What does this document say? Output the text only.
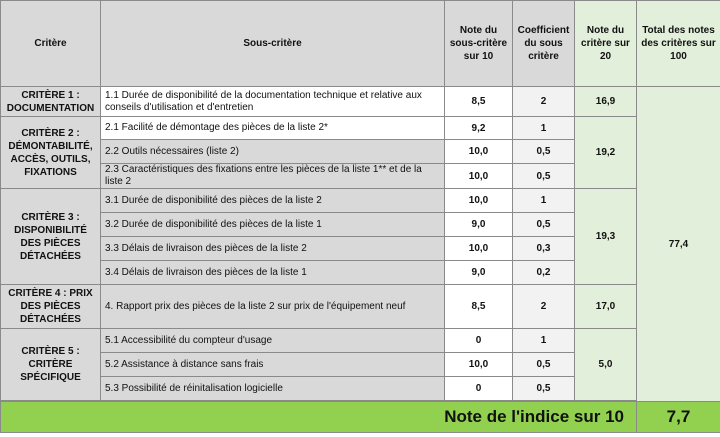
Critère	Sous-critère	Note du sous-critère sur 10	Coefficient du sous critère	Note du critère sur 20	Total des notes des critères sur 100
CRITÈRE 1 : DOCUMENTATION	1.1 Durée de disponibilité de la documentation technique et relative aux conseils d'utilisation et d'entretien	8,5	2	16,9	77,4
CRITÈRE 2 : DÉMONTABILITÉ, ACCÈS, OUTILS, FIXATIONS	2.1 Facilité de démontage des pièces de la liste 2*	9,2	1	19,2	
	2.2 Outils nécessaires (liste 2)	10,0	0,5		
	2.3 Caractéristiques des fixations entre les pièces de la liste 1** et de la liste 2	10,0	0,5		
CRITÈRE 3 : DISPONIBILITÉ DES PIÈCES DÉTACHÉES	3.1 Durée de disponibilité des pièces de la liste 2	10,0	1	19,3	
	3.2 Durée de disponibilité des pièces de la liste 1	9,0	0,5		
	3.3 Délais de livraison des pièces de la liste 2	10,0	0,3		
	3.4 Délais de livraison des pièces de la liste 1	9,0	0,2		
CRITÈRE 4 : PRIX DES PIÈCES DÉTACHÉES	4. Rapport prix des pièces de la liste 2 sur prix de l'équipement neuf	8,5	2	17,0	
CRITÈRE 5 : CRITÈRE SPÉCIFIQUE	5.1 Accessibilité du compteur d'usage	0	1	5,0	
	5.2 Assistance à distance sans frais	10,0	0,5		
	5.3 Possibilité de réinitalisation logicielle	0	0,5		

Note de l'indice sur 10					7,7
